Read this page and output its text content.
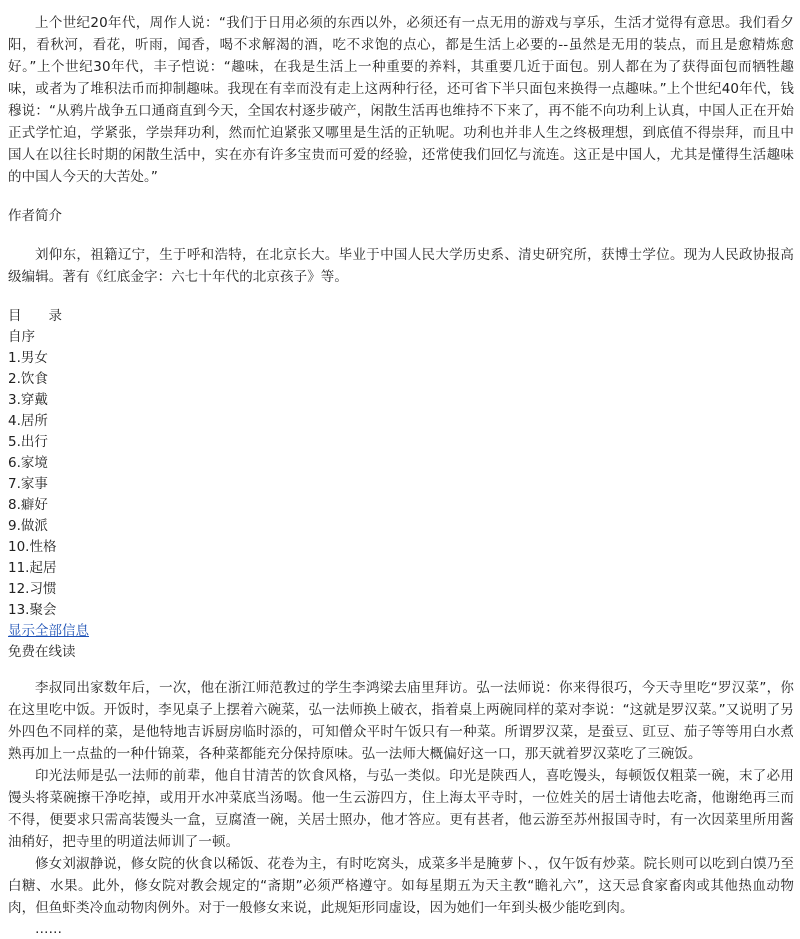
上个世纪20年代，周作人说：“我们于日用必须的东西以外，必须还有一点无用的游戏与享乐，生活才觉得有意思。我们看夕阳，看秋河，看花，听雨，闻香，喝不求解渴的酒，吃不求饱的点心，都是生活上必要的--虽然是无用的装点，而且是愈精炼愈好。”上个世纪30年代，丰子恺说：“趣味，在我是生活上一种重要的养料，其重要几近于面包。别人都在为了获得面包而牺牲趣味，或者为了堆积法币而抑制趣味。我现在有幸而没有走上这两种行径，还可省下半只面包来换得一点趣味。”上个世纪40年代，钱穆说：“从鸦片战争五口通商直到今天，全国农村逐步破产，闲散生活再也维持不下来了，再不能不向功利上认真，中国人正在开始正式学忙迫，学紧张，学崇拜功利，然而忙迫紧张又哪里是生活的正轨呢。功利也并非人生之终极理想，到底值不得崇拜，而且中国人在以往长时期的闲散生活中，实在亦有许多宝贵而可爱的经验，还常使我们回忆与流连。这正是中国人，尤其是懂得生活趣味的中国人今天的大苦处。”

作者简介

刘仰东，祖籍辽宁，生于呼和浩特，在北京长大。毕业于中国人民大学历史系、清史研究所，获博士学位。现为人民政协报高级编辑。著有《红底金字：六七十年代的北京孩子》等。

目　　录
自序
1.男女
2.饮食
3.穿戴
4.居所
5.出行
6.家境
7.家事
8.癖好
9.做派
10.性格
11.起居
12.习惯
13.聚会
显示全部信息
免费在线读

李叔同出家数年后，一次，他在浙江师范教过的学生李鸿梁去庙里拜访。弘一法师说：你来得很巧，今天寺里吃“罗汉菜”，你在这里吃中饭。开饭时，李见桌子上摆着六碗菜，弘一法师换上破衣，指着桌上两碗同样的菜对李说：“这就是罗汉菜。”又说明了另外四色不同样的菜，是他特地吉诉厨房临时添的，可知僧众平时午饭只有一种菜。所谓罗汉菜，是蚕豆、豇豆、茄子等等用白水煮熟再加上一点盐的一种什锦菜，各种菜都能充分保持原味。弘一法师大概偏好这一口，那天就着罗汉菜吃了三碗饭。

印光法师是弘一法师的前辈，他自甘清苦的饮食风格，与弘一类似。印光是陕西人，喜吃馒头，每顿饭仅粗菜一碗，末了必用馒头将菜碗擦干净吃掉，或用开水冲菜底当汤喝。他一生云游四方，住上海太平寺时，一位姓关的居士请他去吃斋，他谢绝再三而不得，便要求只需高装馒头一盒，豆腐渣一碗，关居士照办，他才答应。更有甚者，他云游至苏州报国寺时，有一次因菜里所用酱油稍好，把寺里的明道法师训了一顿。

修女刘淑静说，修女院的伙食以稀饭、花卷为主，有时吃窝头，成菜多半是腌萝卜、，仅午饭有炒菜。院长则可以吃到白馍乃至白糖、水果。此外，修女院对教会规定的“斋期”必须严格遵守。如每星期五为天主教“瞻礼六”，这天忌食家畜肉或其他热血动物肉，但鱼虾类冷血动物肉例外。对于一般修女来说，此规矩形同虚设，因为她们一年到头极少能吃到肉。

……
